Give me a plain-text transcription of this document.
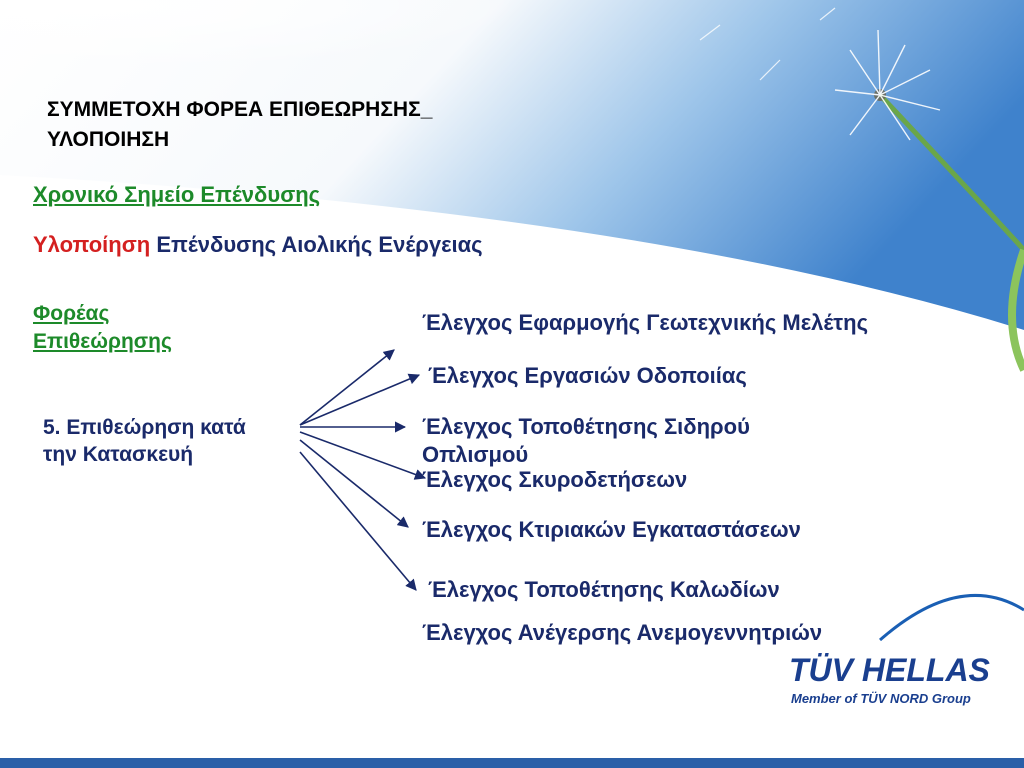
ΣΥΜΜΕΤΟΧΗ ΦΟΡΕΑ ΕΠΙΘΕΩΡΗΣΗΣ_
ΥΛΟΠΟΙΗΣΗ
Χρονικό Σημείο Επένδυσης
Υλοποίηση Επένδυσης Αιολικής Ενέργειας
Φορέας
Επιθεώρησης
5. Επιθεώρηση κατά
την Κατασκευή
Έλεγχος Εφαρμογής Γεωτεχνικής Μελέτης
Έλεγχος Εργασιών Οδοποιίας
Έλεγχος Τοποθέτησης Σιδηρού
Οπλισμού
Έλεγχος Σκυροδετήσεων
Έλεγχος Κτιριακών Εγκαταστάσεων
Έλεγχος Τοποθέτησης Καλωδίων
Έλεγχος Ανέγερσης Ανεμογεννητριών
TÜV HELLAS
Member of TÜV NORD Group
